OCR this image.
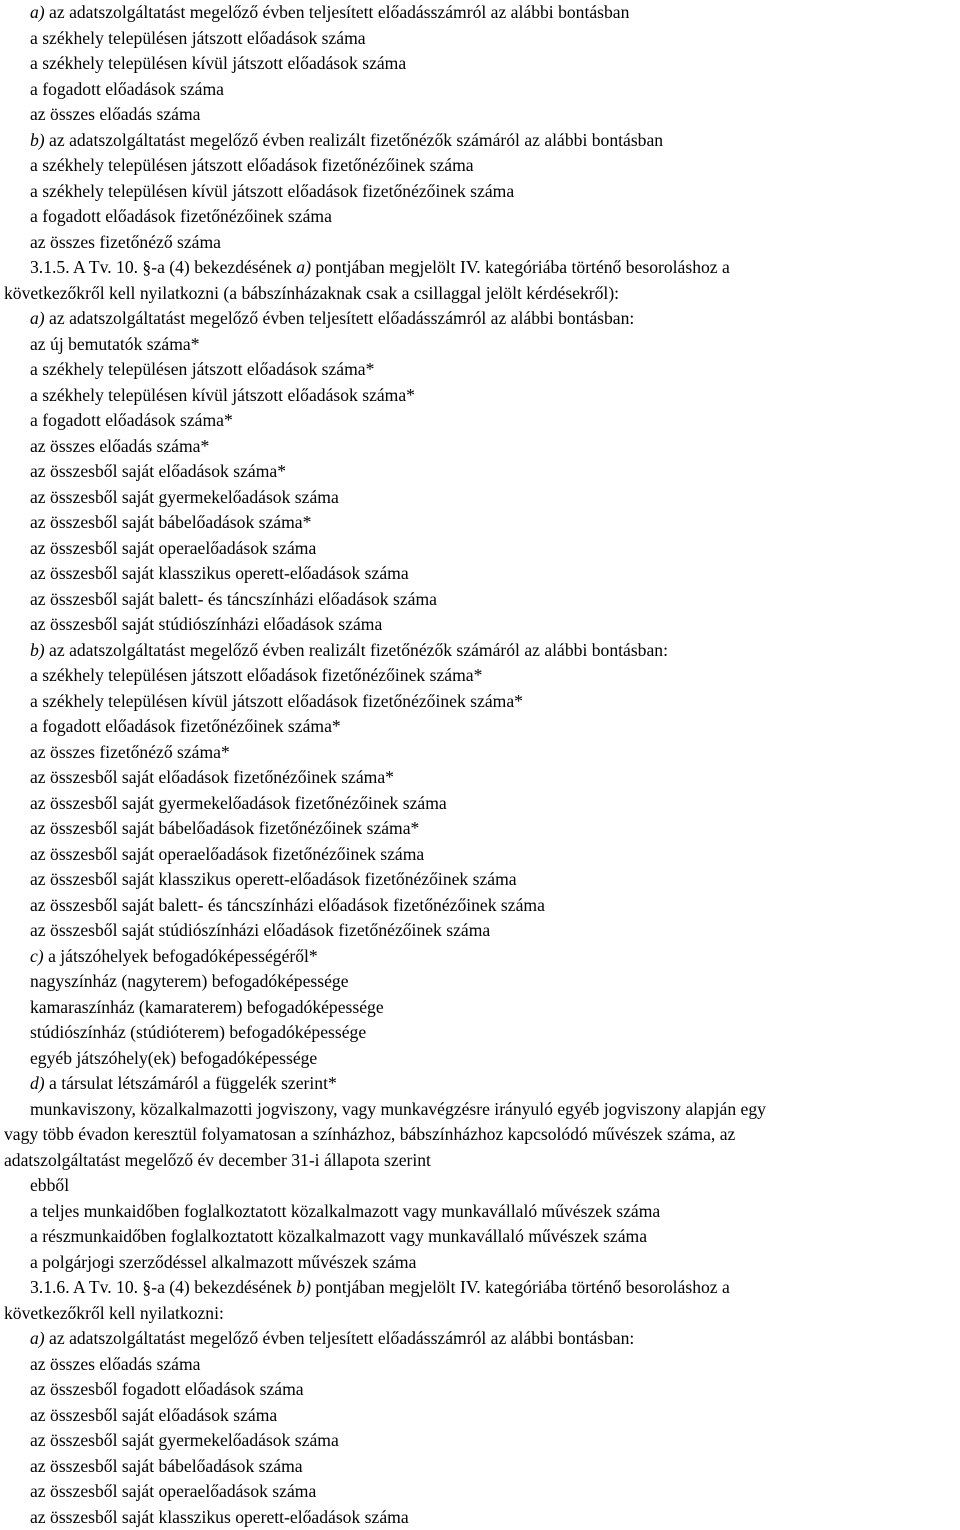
a) az adatszolgáltatást megelőző évben teljesített előadásszámról az alábbi bontásban
a székhely településen játszott előadások száma
a székhely településen kívül játszott előadások száma
a fogadott előadások száma
az összes előadás száma
b) az adatszolgáltatást megelőző évben realizált fizetőnézők számáról az alábbi bontásban
a székhely településen játszott előadások fizetőnézőinek száma
a székhely településen kívül játszott előadások fizetőnézőinek száma
a fogadott előadások fizetőnézőinek száma
az összes fizetőnéző száma
3.1.5. A Tv. 10. §-a (4) bekezdésének a) pontjában megjelölt IV. kategóriába történő besoroláshoz a
következőkről kell nyilatkozni (a bábszínházaknak csak a csillaggal jelölt kérdésekről):
a) az adatszolgáltatást megelőző évben teljesített előadásszámról az alábbi bontásban:
az új bemutatók száma*
a székhely településen játszott előadások száma*
a székhely településen kívül játszott előadások száma*
a fogadott előadások száma*
az összes előadás száma*
az összesből saját előadások száma*
az összesből saját gyermekelőadások száma
az összesből saját bábelőadások száma*
az összesből saját operaelőadások száma
az összesből saját klasszikus operett-előadások száma
az összesből saját balett- és táncszínházi előadások száma
az összesből saját stúdiószínházi előadások száma
b) az adatszolgáltatást megelőző évben realizált fizetőnézők számáról az alábbi bontásban:
a székhely településen játszott előadások fizetőnézőinek száma*
a székhely településen kívül játszott előadások fizetőnézőinek száma*
a fogadott előadások fizetőnézőinek száma*
az összes fizetőnéző száma*
az összesből saját előadások fizetőnézőinek száma*
az összesből saját gyermekelőadások fizetőnézőinek száma
az összesből saját bábelőadások fizetőnézőinek száma*
az összesből saját operaelőadások fizetőnézőinek száma
az összesből saját klasszikus operett-előadások fizetőnézőinek száma
az összesből saját balett- és táncszínházi előadások fizetőnézőinek száma
az összesből saját stúdiószínházi előadások fizetőnézőinek száma
c) a játszóhelyek befogadóképességéről*
nagyszínház (nagyterem) befogadóképessége
kamaraszínház (kamaraterem) befogadóképessége
stúdiószínház (stúdióterem) befogadóképessége
egyéb játszóhely(ek) befogadóképessége
d) a társulat létszámáról a függelék szerint*
munkaviszony, közalkalmazotti jogviszony, vagy munkavégzésre irányuló egyéb jogviszony alapján egy
vagy több évadon keresztül folyamatosan a színházhoz, bábszínházhoz kapcsolódó művészek száma, az
adatszolgáltatást megelőző év december 31-i állapota szerint
ebből
a teljes munkaidőben foglalkoztatott közalkalmazott vagy munkavállaló művészek száma
a részmunkaidőben foglalkoztatott közalkalmazott vagy munkavállaló művészek száma
a polgárjogi szerződéssel alkalmazott művészek száma
3.1.6. A Tv. 10. §-a (4) bekezdésének b) pontjában megjelölt IV. kategóriába történő besoroláshoz a
következőkről kell nyilatkozni:
a) az adatszolgáltatást megelőző évben teljesített előadásszámról az alábbi bontásban:
az összes előadás száma
az összesből fogadott előadások száma
az összesből saját előadások száma
az összesből saját gyermekelőadások száma
az összesből saját bábelőadások száma
az összesből saját operaelőadások száma
az összesből saját klasszikus operett-előadások száma
